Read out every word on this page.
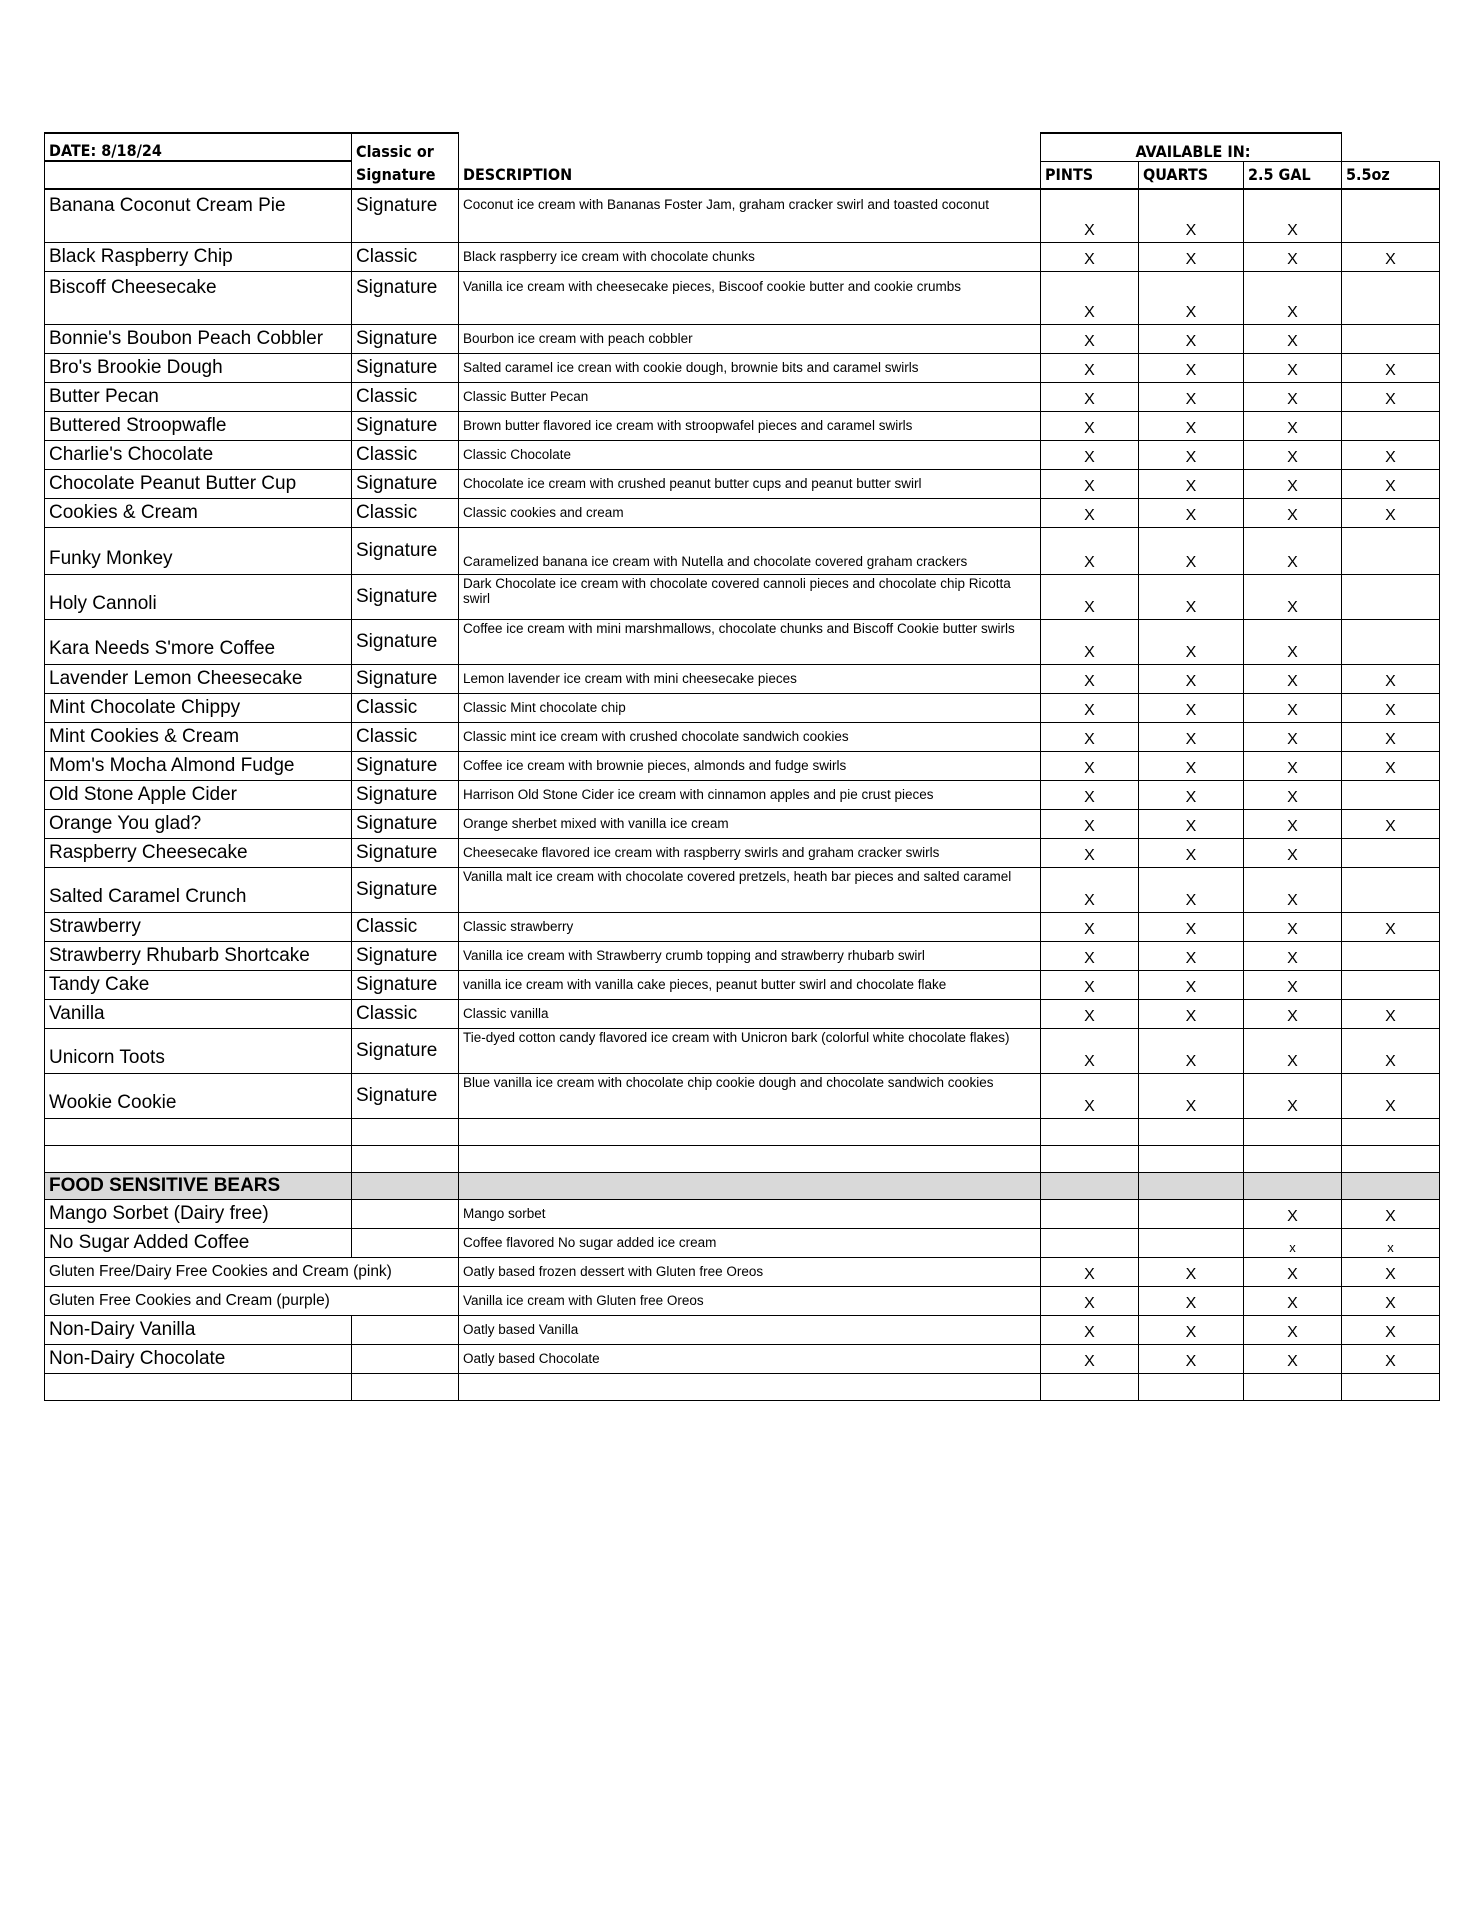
DATE: 8/18/24	Classic or		AVAILABLE IN:			
	Signature	DESCRIPTION	PINTS	QUARTS	2.5 GAL	5.5oz
Banana Coconut Cream Pie	Signature	Coconut ice cream with Bananas Foster Jam, graham cracker swirl and toasted coconut	X	X	X	
Black Raspberry Chip	Classic	Black raspberry ice cream with chocolate chunks	X	X	X	X
Biscoff Cheesecake	Signature	Vanilla ice cream with cheesecake pieces, Biscoof cookie butter and cookie crumbs	X	X	X	
Bonnie's Boubon Peach Cobbler	Signature	Bourbon ice cream with peach cobbler	X	X	X	
Bro's Brookie Dough	Signature	Salted caramel ice crean with cookie dough, brownie bits and caramel swirls	X	X	X	X
Butter Pecan	Classic	Classic Butter Pecan	X	X	X	X
Buttered Stroopwafle	Signature	Brown butter flavored ice cream with stroopwafel pieces and caramel swirls	X	X	X	
Charlie's Chocolate	Classic	Classic Chocolate	X	X	X	X
Chocolate Peanut Butter Cup	Signature	Chocolate ice cream with crushed peanut butter cups and peanut butter swirl	X	X	X	X
Cookies & Cream	Classic	Classic cookies and cream	X	X	X	X
Funky Monkey	Signature	Caramelized banana ice cream with Nutella and chocolate covered graham crackers	X	X	X	
Holy Cannoli	Signature	Dark Chocolate ice cream with chocolate covered cannoli pieces and chocolate chip Ricotta swirl	X	X	X	
Kara Needs S'more Coffee	Signature	Coffee ice cream with mini marshmallows, chocolate chunks and Biscoff Cookie butter swirls	X	X	X	
Lavender Lemon Cheesecake	Signature	Lemon lavender ice cream with mini cheesecake pieces	X	X	X	X
Mint Chocolate Chippy	Classic	Classic Mint chocolate chip	X	X	X	X
Mint Cookies & Cream	Classic	Classic mint ice cream with crushed chocolate sandwich cookies	X	X	X	X
Mom's Mocha Almond Fudge	Signature	Coffee ice cream with brownie pieces, almonds and fudge swirls	X	X	X	X
Old Stone Apple Cider	Signature	Harrison Old Stone Cider ice cream with cinnamon apples and pie crust pieces	X	X	X	
Orange You glad?	Signature	Orange sherbet mixed with vanilla ice cream	X	X	X	X
Raspberry Cheesecake	Signature	Cheesecake flavored ice cream with raspberry swirls and graham cracker swirls	X	X	X	
Salted Caramel Crunch	Signature	Vanilla malt ice cream with chocolate covered pretzels, heath bar pieces and salted caramel	X	X	X	
Strawberry	Classic	Classic strawberry	X	X	X	X
Strawberry Rhubarb Shortcake	Signature	Vanilla ice cream with Strawberry crumb topping and strawberry rhubarb swirl	X	X	X	
Tandy Cake	Signature	vanilla ice cream with vanilla cake pieces, peanut butter swirl and chocolate flake	X	X	X	
Vanilla	Classic	Classic vanilla	X	X	X	X
Unicorn Toots	Signature	Tie-dyed cotton candy flavored ice cream with Unicron bark (colorful white chocolate flakes)	X	X	X	X
Wookie Cookie	Signature	Blue vanilla ice cream with chocolate chip cookie dough and chocolate sandwich cookies	X	X	X	X

FOOD SENSITIVE BEARS						
Mango Sorbet (Dairy free)		Mango sorbet			X	X
No Sugar Added Coffee		Coffee flavored No sugar added ice cream			x	x
Gluten Free/Dairy Free Cookies and Cream (pink)		Oatly based frozen dessert with Gluten free Oreos	X	X	X	X
Gluten Free Cookies and Cream (purple)		Vanilla ice cream with Gluten free Oreos	X	X	X	X
Non-Dairy Vanilla		Oatly based Vanilla	X	X	X	X
Non-Dairy Chocolate		Oatly based Chocolate	X	X	X	X
